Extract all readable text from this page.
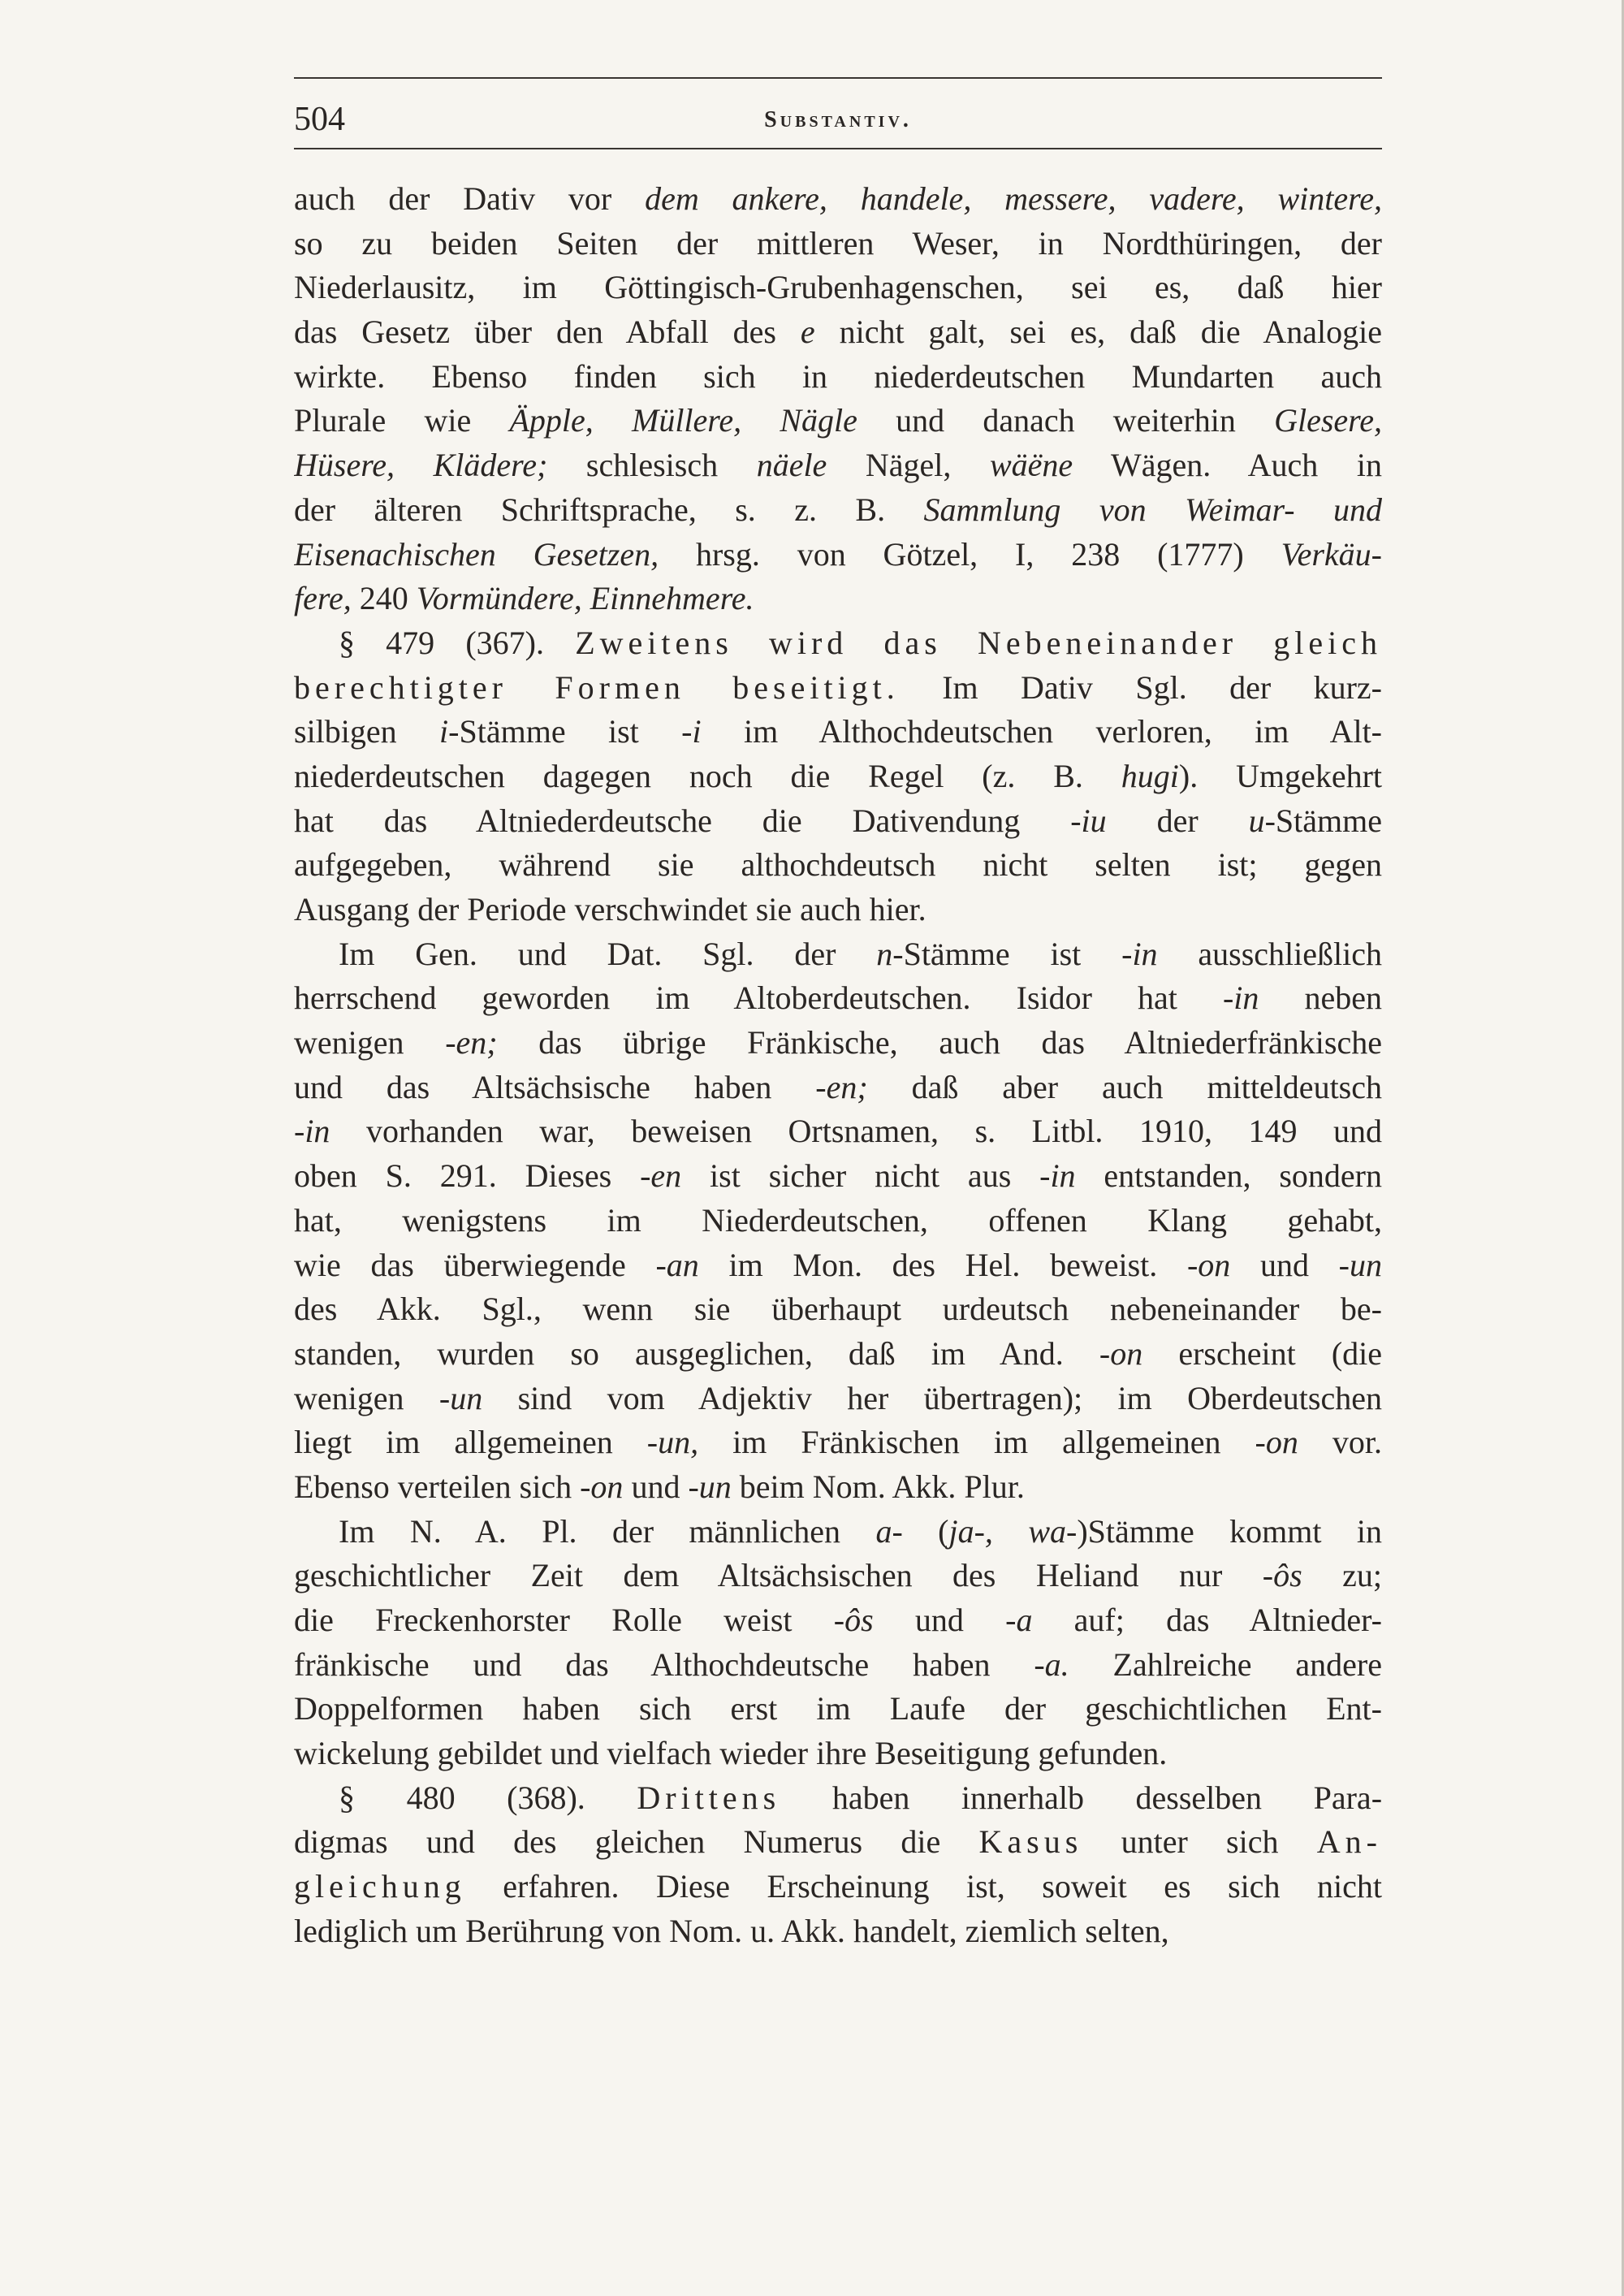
504	Substantiv.
auch der Dativ vor dem ankere, handele, messere, vadere, wintere,
so zu beiden Seiten der mittleren Weser, in Nordthüringen, der
Niederlausitz, im Göttingisch-Grubenhagenschen, sei es, daß hier
das Gesetz über den Abfall des e nicht galt, sei es, daß die Analogie
wirkte. Ebenso finden sich in niederdeutschen Mundarten auch
Plurale wie Äpple, Müllere, Nägle und danach weiterhin Glesere,
Hüsere, Klädere; schlesisch näele Nägel, wäëne Wägen. Auch in
der älteren Schriftsprache, s. z. B. Sammlung von Weimar- und
Eisenachischen Gesetzen, hrsg. von Götzel, I, 238 (1777) Verkäu-
fere, 240 Vormündere, Einnehmere.
§ 479 (367). Zweitens wird das Nebeneinander gleich
berechtigter Formen beseitigt. Im Dativ Sgl. der kurz-
silbigen i-Stämme ist -i im Althochdeutschen verloren, im Alt-
niederdeutschen dagegen noch die Regel (z. B. hugi). Umgekehrt
hat das Altniederdeutsche die Dativendung -iu der u-Stämme
aufgegeben, während sie althochdeutsch nicht selten ist; gegen
Ausgang der Periode verschwindet sie auch hier.
Im Gen. und Dat. Sgl. der n-Stämme ist -in ausschließlich
herrschend geworden im Altoberdeutschen. Isidor hat -in neben
wenigen -en; das übrige Fränkische, auch das Altniederfränkische
und das Altsächsische haben -en; daß aber auch mitteldeutsch
-in vorhanden war, beweisen Ortsnamen, s. Litbl. 1910, 149 und
oben S. 291. Dieses -en ist sicher nicht aus -in entstanden, sondern
hat, wenigstens im Niederdeutschen, offenen Klang gehabt,
wie das überwiegende -an im Mon. des Hel. beweist. -on und -un
des Akk. Sgl., wenn sie überhaupt urdeutsch nebeneinander be-
standen, wurden so ausgeglichen, daß im And. -on erscheint (die
wenigen -un sind vom Adjektiv her übertragen); im Oberdeutschen
liegt im allgemeinen -un, im Fränkischen im allgemeinen -on vor.
Ebenso verteilen sich -on und -un beim Nom. Akk. Plur.
Im N. A. Pl. der männlichen a- (ja-, wa-)Stämme kommt in
geschichtlicher Zeit dem Altsächsischen des Heliand nur -ôs zu;
die Freckenhorster Rolle weist -ôs und -a auf; das Altnieder-
fränkische und das Althochdeutsche haben -a. Zahlreiche andere
Doppelformen haben sich erst im Laufe der geschichtlichen Ent-
wickelung gebildet und vielfach wieder ihre Beseitigung gefunden.
§ 480 (368). Drittens haben innerhalb desselben Para-
digmas und des gleichen Numerus die Kasus unter sich An-
gleichung erfahren. Diese Erscheinung ist, soweit es sich nicht
lediglich um Berührung von Nom. u. Akk. handelt, ziemlich selten,
